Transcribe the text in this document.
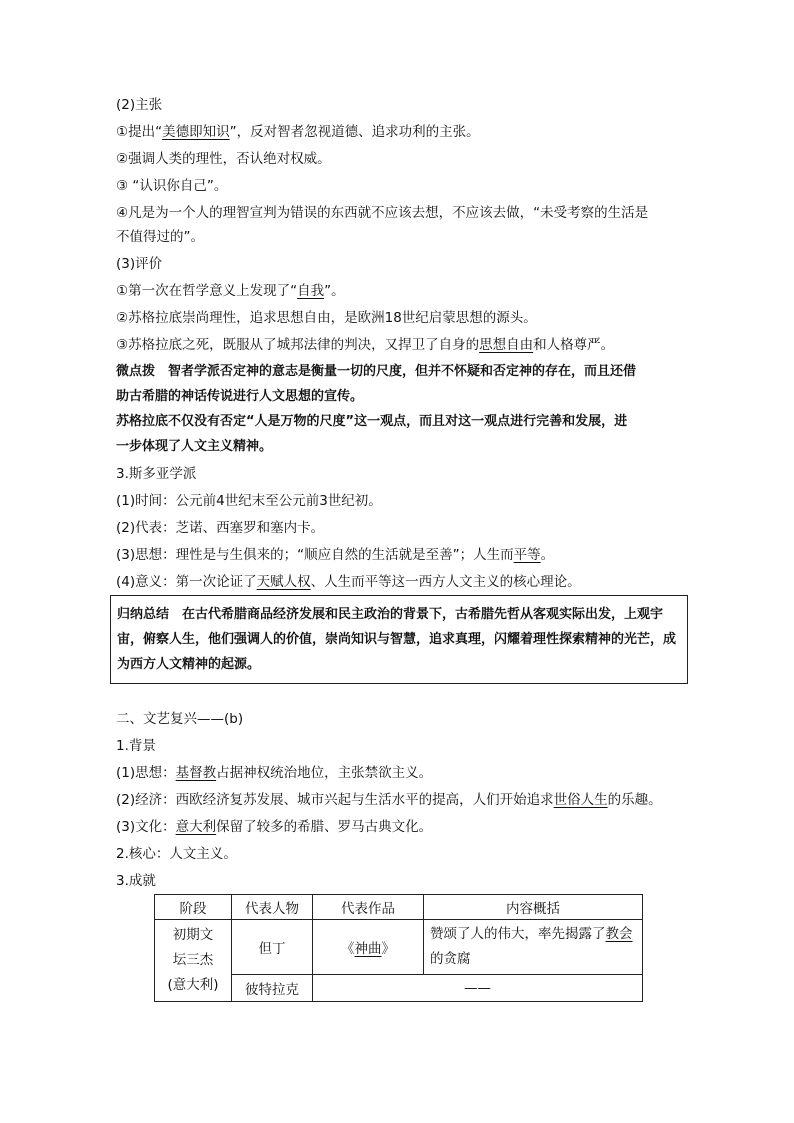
(2)主张

①提出“美德即知识”，反对智者忽视道德、追求功利的主张。

②强调人类的理性，否认绝对权威。

③ “认识你自己”。

④凡是为一个人的理智宣判为错误的东西就不应该去想，不应该去做，“未受考察的生活是

不值得过的”。

(3)评价

①第一次在哲学意义上发现了“自我”。

②苏格拉底崇尚理性，追求思想自由，是欧洲18世纪启蒙思想的源头。

③苏格拉底之死，既服从了城邦法律的判决，又捍卫了自身的思想自由和人格尊严。

微点拨　智者学派否定神的意志是衡量一切的尺度，但并不怀疑和否定神的存在，而且还借

助古希腊的神话传说进行人文思想的宣传。

苏格拉底不仅没有否定“人是万物的尺度”这一观点，而且对这一观点进行完善和发展，进

一步体现了人文主义精神。

3.斯多亚学派

(1)时间：公元前4世纪末至公元前3世纪初。

(2)代表：芝诺、西塞罗和塞内卡。

(3)思想：理性是与生俱来的；“顺应自然的生活就是至善”；人生而平等。

(4)意义：第一次论证了天赋人权、人生而平等这一西方人文主义的核心理论。

归纳总结　在古代希腊商品经济发展和民主政治的背景下，古希腊先哲从客观实际出发，上观宇宙，俯察人生，他们强调人的价值，崇尚知识与智慧，追求真理，闪耀着理性探索精神的光芒，成为西方人文精神的起源。

二、文艺复兴——(b)

1.背景

(1)思想：基督教占据神权统治地位，主张禁欲主义。

(2)经济：西欧经济复苏发展、城市兴起与生活水平的提高，人们开始追求世俗人生的乐趣。

(3)文化：意大利保留了较多的希腊、罗马古典文化。

2.核心：人文主义。

3.成就

阶段	代表人物	代表作品	内容概括

初期文
坛三杰
(意大利)	但丁	《神曲》	赞颂了人的伟大，率先揭露了教会的贪腐
	彼特拉克	——	
